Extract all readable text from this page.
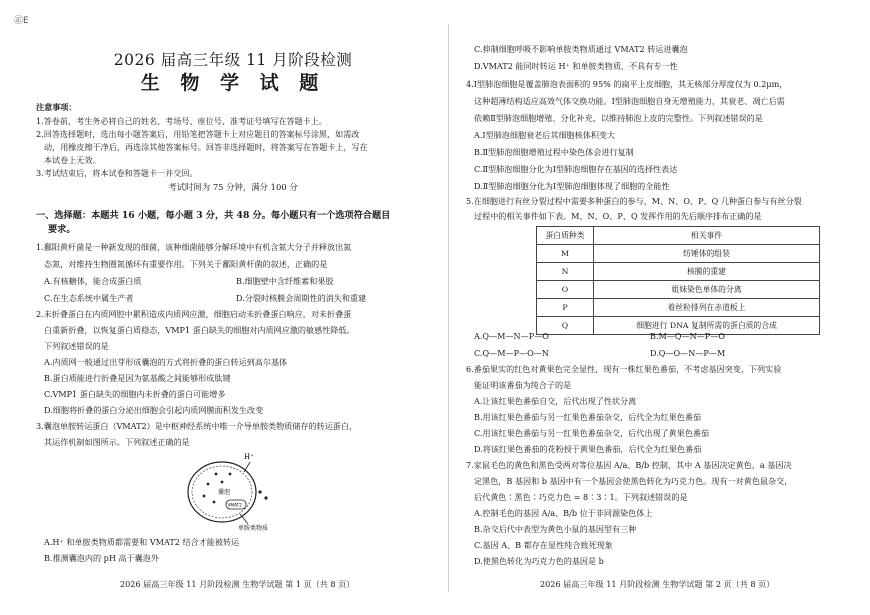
㊣E
2026 届高三年级 11 月阶段检测
生 物 学 试 题
注意事项：
1.答卷前，考生务必将自己的姓名、考场号、座位号、准考证号填写在答题卡上。
2.回答选择题时，选出每小题答案后，用铅笔把答题卡上对应题目的答案标号涂黑，如需改
动，用橡皮擦干净后，再选涂其他答案标号。回答非选择题时，将答案写在答题卡上，写在
本试卷上无效。
3.考试结束后，将本试卷和答题卡一并交回。
考试时间为 75 分钟，满分 100 分
一、选择题：本题共 16 小题，每小题 3 分，共 48 分。每小题只有一个选项符合题目
要求。
1.鄱阳黄杆菌是一种新发现的细菌，该种细菌能够分解环境中有机含氮大分子并释放出氮
态氮，对维持生物圈氮循环有重要作用。下列关于鄱阳黄杆菌的叙述，正确的是
A.有核糖体，能合成蛋白质	B.细胞壁中含纤维素和果胶
C.在生态系统中属生产者	D.分裂时核膜会周期性的消失和重建
2.未折叠蛋白在内质网腔中累积造成内质网应激，细胞启动未折叠蛋白响应，对未折叠蛋
白重新折叠，以恢复蛋白质稳态，VMP1 蛋白缺失的细胞对内质网应激的敏感性降低。
下列叙述错误的是
A.内质网一般通过出芽形成囊泡的方式将折叠的蛋白转运到高尔基体
B.蛋白质能进行折叠是因为氨基酸之间能够形成肽键
C.VMP1 蛋白缺失的细胞内未折叠的蛋白可能增多
D.细胞将折叠的蛋白分泌出细胞会引起内质网膜面积发生改变
3.囊泡单胺转运蛋白（VMAT2）是中枢神经系统中唯一介导单胺类物质储存的转运蛋白，
其运作机制如图所示。下列叙述正确的是
H⁺
囊泡
VMAT2
单胺类物质
A.H⁺ 和单胺类物质都需要和 VMAT2 结合才能被转运
B.推测囊泡内的 pH 高于囊泡外
2026 届高三年级 11 月阶段检测 生物学试题 第 1 页（共 8 页）
C.抑制细胞呼吸不影响单胺类物质通过 VMAT2 转运进囊泡
D.VMAT2 能同时转运 H⁺ 和单胺类物质，不具有专一性
4.Ⅰ型肺泡细胞是覆盖肺泡表面积的 95% 的扁平上皮细胞，其无核部分厚度仅为 0.2μm，
这种超薄结构适应高效气体交换功能。Ⅰ型肺泡细胞自身无增殖能力，其衰老、凋亡后需
依赖Ⅱ型肺泡细胞增殖、分化补充，以维持肺泡上皮的完整性。下列叙述错误的是
A.Ⅰ型肺泡细胞衰老后其细胞核体积变大
B.Ⅱ型肺泡细胞增殖过程中染色体会进行复制
C.Ⅱ型肺泡细胞分化为Ⅰ型肺泡细胞存在基因的选择性表达
D.Ⅱ型肺泡细胞分化为Ⅰ型肺泡细胞体现了细胞的全能性
5.在细胞进行有丝分裂过程中需要多种蛋白的参与，M、N、O、P、Q 几种蛋白参与有丝分裂
过程中的相关事件如下表。M、N、O、P、Q 发挥作用的先后顺序排布正确的是
蛋白质种类	相关事件
M	纺锤体的组装
N	核膜的重建
O	姐妹染色单体的分离
P	着丝粒排列在赤道板上
Q	细胞进行 DNA 复制所需的蛋白质的合成
A.Q—M—N—P—O	B.M—Q—N—P—O
C.Q—M—P—O—N	D.Q—O—N—P—M
6.番茄果实的红色对黄果色完全显性，现有一株红果色番茄，不考虑基因突变，下列实验
能证明该番茄为纯合子的是
A.让该红果色番茄自交，后代出现了性状分离
B.用该红果色番茄与另一红果色番茄杂交，后代全为红果色番茄
C.用该红果色番茄与另一红果色番茄杂交，后代出现了黄果色番茄
D.将该红果色番茄的花粉授于黄果色番茄，后代全为红果色番茄
7.家鼠毛色的黄色和黑色受两对等位基因 A/a、B/b 控制，其中 A 基因决定黄色，a 基因决
定黑色，B 基因和 b 基因中有一个基因会使黑色转化为巧克力色。现有一对黄色鼠杂交，
后代黄色∶黑色∶巧克力色 = 8∶3∶1。下列叙述错误的是
A.控制毛色的基因 A/a、B/b 位于非同源染色体上
B.杂交后代中表型为黄色小鼠的基因型有三种
C.基因 A、B 都存在显性纯合致死现象
D.使黑色转化为巧克力色的基因是 b
2026 届高三年级 11 月阶段检测 生物学试题 第 2 页（共 8 页）
